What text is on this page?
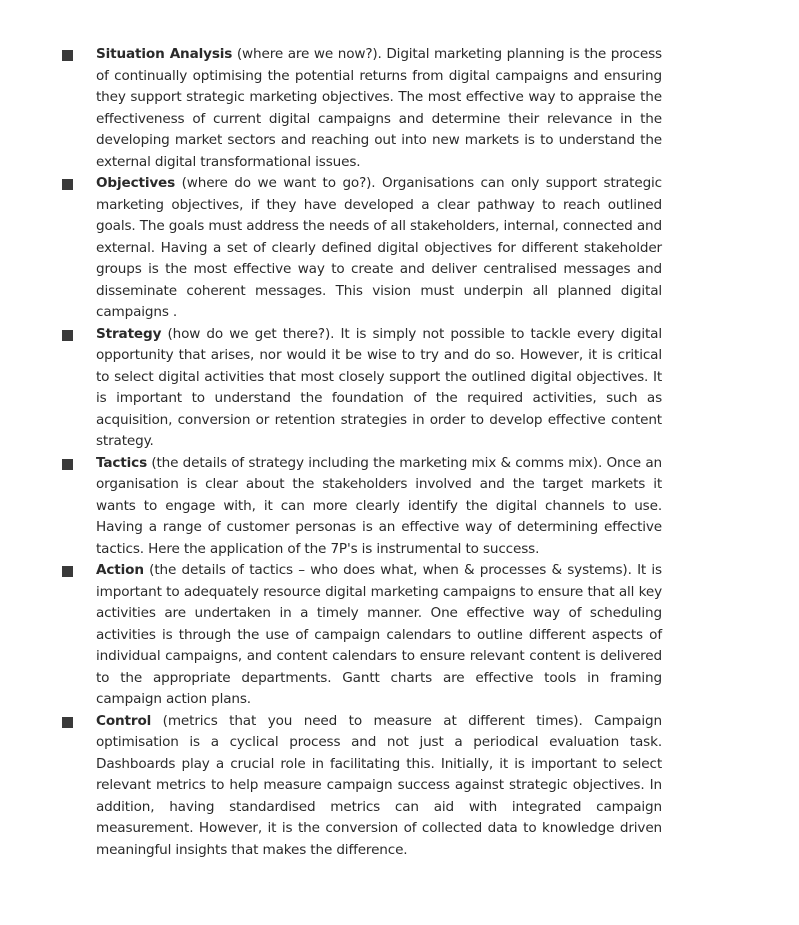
Situation Analysis (where are we now?). Digital marketing planning is the process of continually optimising the potential returns from digital campaigns and ensuring they support strategic marketing objectives. The most effective way to appraise the effectiveness of current digital campaigns and determine their relevance in the developing market sectors and reaching out into new markets is to understand the external digital transformational issues.
Objectives (where do we want to go?). Organisations can only support strategic marketing objectives, if they have developed a clear pathway to reach outlined goals. The goals must address the needs of all stakeholders, internal, connected and external. Having a set of clearly defined digital objectives for different stakeholder groups is the most effective way to create and deliver centralised messages and disseminate coherent messages. This vision must underpin all planned digital campaigns .
Strategy (how do we get there?). It is simply not possible to tackle every digital opportunity that arises, nor would it be wise to try and do so. However, it is critical to select digital activities that most closely support the outlined digital objectives. It is important to understand the foundation of the required activities, such as acquisition, conversion or retention strategies in order to develop effective content strategy.
Tactics (the details of strategy including the marketing mix & comms mix). Once an organisation is clear about the stakeholders involved and the target markets it wants to engage with, it can more clearly identify the digital channels to use. Having a range of customer personas is an effective way of determining effective tactics. Here the application of the 7P's is instrumental to success.
Action (the details of tactics – who does what, when & processes & systems). It is important to adequately resource digital marketing campaigns to ensure that all key activities are undertaken in a timely manner. One effective way of scheduling activities is through the use of campaign calendars to outline different aspects of individual campaigns, and content calendars to ensure relevant content is delivered to the appropriate departments. Gantt charts are effective tools in framing campaign action plans.
Control (metrics that you need to measure at different times). Campaign optimisation is a cyclical process and not just a periodical evaluation task. Dashboards play a crucial role in facilitating this. Initially, it is important to select relevant metrics to help measure campaign success against strategic objectives. In addition, having standardised metrics can aid with integrated campaign measurement. However, it is the conversion of collected data to knowledge driven meaningful insights that makes the difference.
